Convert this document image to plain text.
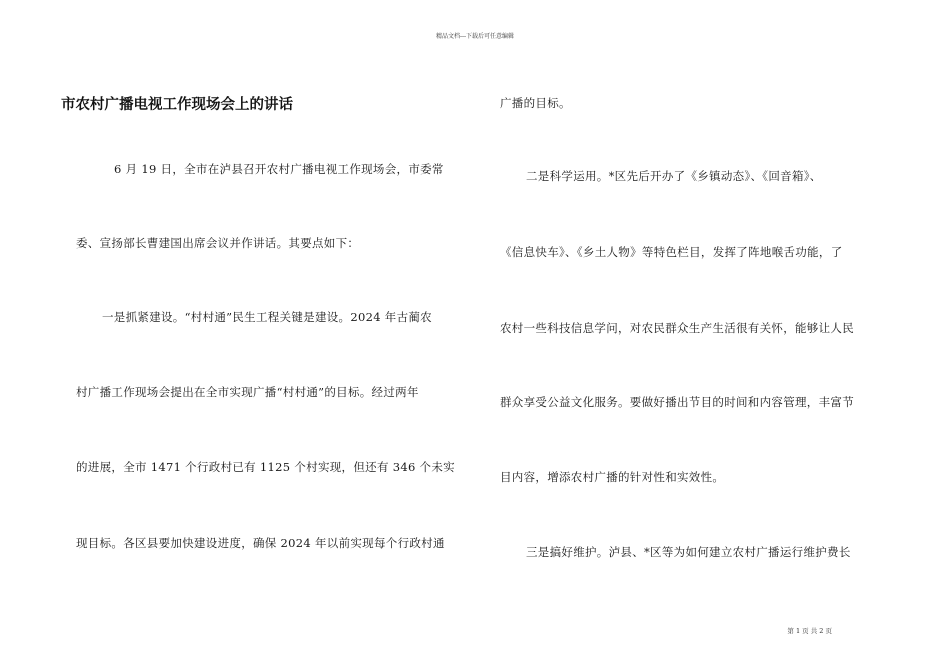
精品文档---下载后可任意编辑
市农村广播电视工作现场会上的讲话
6 月 19 日，全市在泸县召开农村广播电视工作现场会，市委常
委、宣扬部长曹建国出席会议并作讲话。其要点如下：
一是抓紧建设。“村村通”民生工程关键是建设。2024 年古蔺农
村广播工作现场会提出在全市实现广播“村村通”的目标。经过两年
的进展，全市 1471 个行政村已有 1125 个村实现，但还有 346 个未实
现目标。各区县要加快建设进度，确保 2024 年以前实现每个行政村通
广播的目标。
二是科学运用。*区先后开办了《乡镇动态》、《回音箱》、
《信息快车》、《乡土人物》等特色栏目，发挥了阵地喉舌功能，了
农村一些科技信息学问，对农民群众生产生活很有关怀，能够让人民
群众享受公益文化服务。要做好播出节目的时间和内容管理，丰富节
目内容，增添农村广播的针对性和实效性。
三是搞好维护。泸县、*区等为如何建立农村广播运行维护费长
第 1 页 共 2 页
